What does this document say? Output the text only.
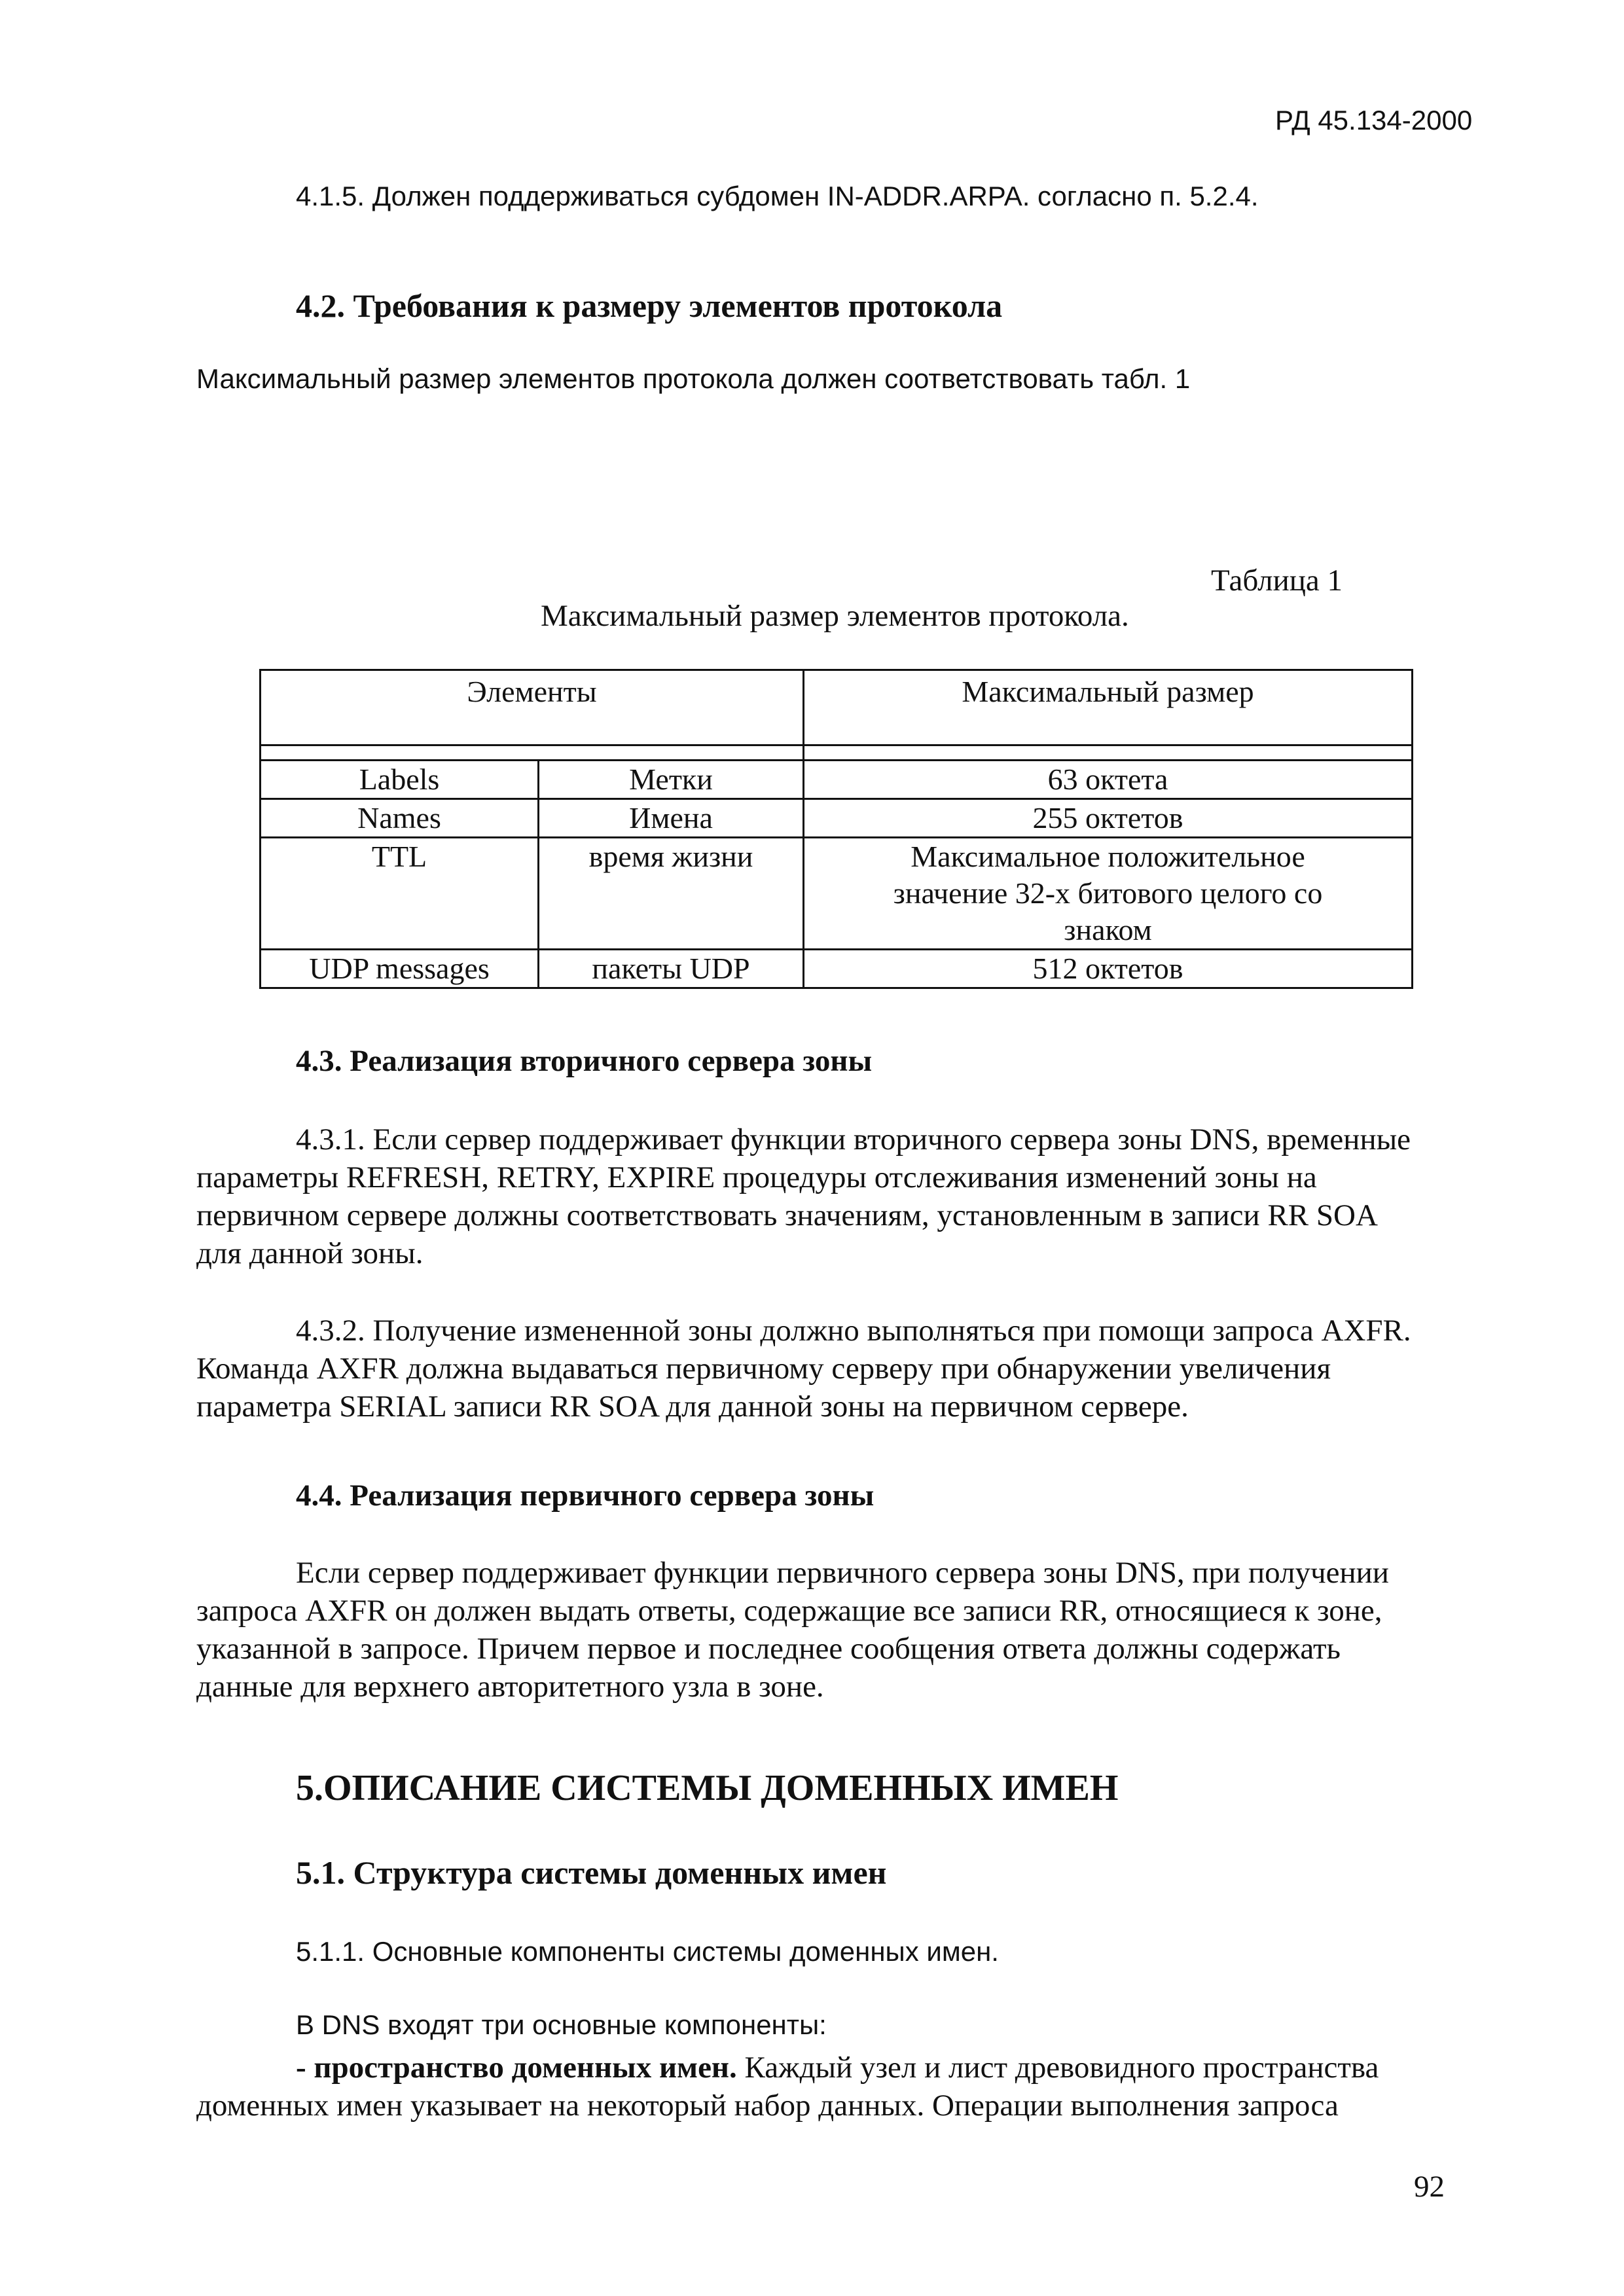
РД 45.134-2000
4.1.5. Должен поддерживаться субдомен IN-ADDR.ARPA. согласно п. 5.2.4.
4.2. Требования к размеру элементов протокола
Максимальный размер элементов протокола должен соответствовать табл. 1
Таблица 1
Максимальный размер элементов протокола.
Элементы		Максимальный размер

Labels	Метки	63 октета
Names	Имена	255 октетов
TTL	время жизни	Максимальное положительное
значение 32-х битового целого со
знаком

UDP messages	пакеты UDP	512 октетов
4.3. Реализация вторичного сервера зоны
4.3.1. Если сервер поддерживает функции вторичного сервера зоны DNS, временные
параметры REFRESH, RETRY, EXPIRE процедуры отслеживания изменений зоны на
первичном сервере должны соответствовать значениям, установленным в записи RR SOA
для данной зоны.
4.3.2. Получение измененной зоны должно выполняться при помощи запроса AXFR.
Команда AXFR должна выдаваться первичному серверу при обнаружении увеличения
параметра SERIAL записи RR SOA для данной зоны на первичном сервере.
4.4. Реализация первичного сервера зоны
Если сервер поддерживает функции первичного сервера зоны DNS, при получении
запроса AXFR он должен выдать ответы, содержащие все записи RR, относящиеся к зоне,
указанной в запросе. Причем первое и последнее сообщения ответа должны содержать
данные для верхнего авторитетного узла в зоне.
5.ОПИСАНИЕ СИСТЕМЫ ДОМЕННЫХ ИМЕН
5.1. Структура системы доменных имен
5.1.1. Основные компоненты системы доменных имен.
В DNS входят три основные компоненты:
- пространство доменных имен. Каждый узел и лист древовидного пространства
доменных имен указывает на некоторый набор данных. Операции выполнения запроса
92
